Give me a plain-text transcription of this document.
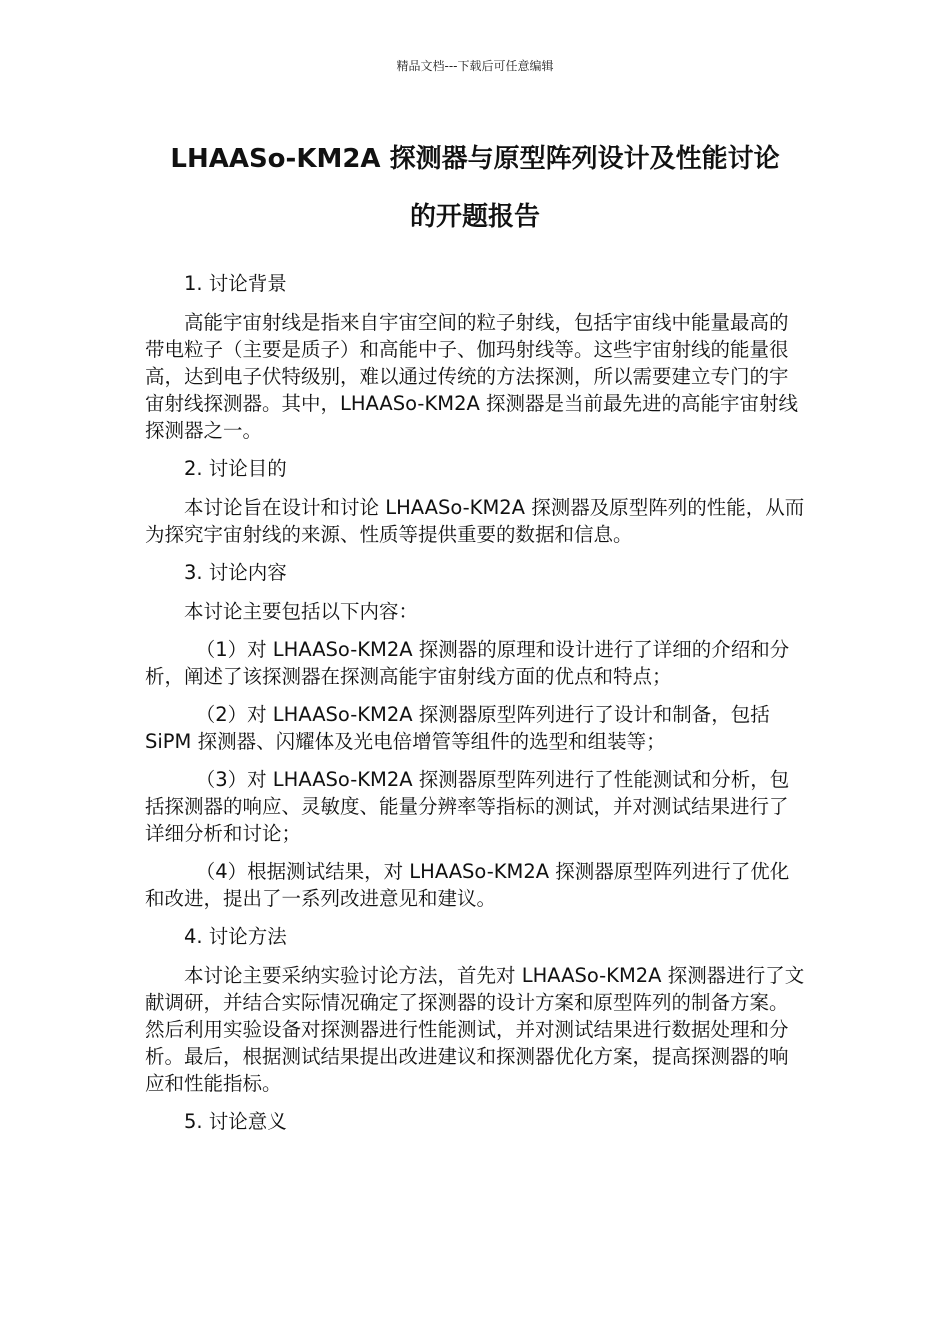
精品文档---下载后可任意编辑
LHAASo-KM2A 探测器与原型阵列设计及性能讨论
的开题报告

1. 讨论背景

高能宇宙射线是指来自宇宙空间的粒子射线，包括宇宙线中能量最高的带电粒子（主要是质子）和高能中子、伽玛射线等。这些宇宙射线的能量很高，达到电子伏特级别，难以通过传统的方法探测，所以需要建立专门的宇宙射线探测器。其中，LHAASo-KM2A 探测器是当前最先进的高能宇宙射线探测器之一。

2. 讨论目的

本讨论旨在设计和讨论 LHAASo-KM2A 探测器及原型阵列的性能，从而为探究宇宙射线的来源、性质等提供重要的数据和信息。

3. 讨论内容

本讨论主要包括以下内容：

（1）对 LHAASo-KM2A 探测器的原理和设计进行了详细的介绍和分析，阐述了该探测器在探测高能宇宙射线方面的优点和特点；

（2）对 LHAASo-KM2A 探测器原型阵列进行了设计和制备，包括 SiPM 探测器、闪耀体及光电倍增管等组件的选型和组装等；

（3）对 LHAASo-KM2A 探测器原型阵列进行了性能测试和分析，包括探测器的响应、灵敏度、能量分辨率等指标的测试，并对测试结果进行了详细分析和讨论；

（4）根据测试结果，对 LHAASo-KM2A 探测器原型阵列进行了优化和改进，提出了一系列改进意见和建议。

4. 讨论方法

本讨论主要采纳实验讨论方法，首先对 LHAASo-KM2A 探测器进行了文献调研，并结合实际情况确定了探测器的设计方案和原型阵列的制备方案。然后利用实验设备对探测器进行性能测试，并对测试结果进行数据处理和分析。最后，根据测试结果提出改进建议和探测器优化方案，提高探测器的响应和性能指标。

5. 讨论意义
